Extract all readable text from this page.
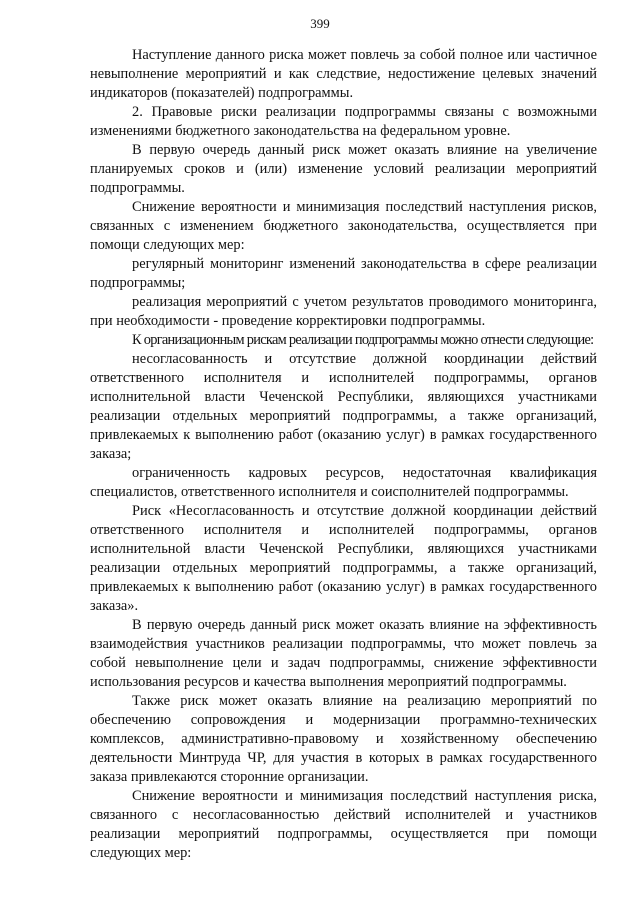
399

Наступление данного риска может повлечь за собой полное или частичное невыполнение мероприятий и как следствие, недостижение целевых значений индикаторов (показателей) подпрограммы.

2. Правовые риски реализации подпрограммы связаны с возможными изменениями бюджетного законодательства на федеральном уровне.

В первую очередь данный риск может оказать влияние на увеличение планируемых сроков и (или) изменение условий реализации мероприятий подпрограммы.

Снижение вероятности и минимизация последствий наступления рисков, связанных с изменением бюджетного законодательства, осуществляется при помощи следующих мер:

регулярный мониторинг изменений законодательства в сфере реализации подпрограммы;

реализация мероприятий с учетом результатов проводимого мониторинга, при необходимости - проведение корректировки подпрограммы.

К организационным рискам реализации подпрограммы можно отнести следующие:

несогласованность и отсутствие должной координации действий ответственного исполнителя и исполнителей подпрограммы, органов исполнительной власти Чеченской Республики, являющихся участниками реализации отдельных мероприятий подпрограммы, а также организаций, привлекаемых к выполнению работ (оказанию услуг) в рамках государственного заказа;

ограниченность кадровых ресурсов, недостаточная квалификация специалистов, ответственного исполнителя и соисполнителей подпрограммы.

Риск «Несогласованность и отсутствие должной координации действий ответственного исполнителя и исполнителей подпрограммы, органов исполнительной власти Чеченской Республики, являющихся участниками реализации отдельных мероприятий подпрограммы, а также организаций, привлекаемых к выполнению работ (оказанию услуг) в рамках государственного заказа».

В первую очередь данный риск может оказать влияние на эффективность взаимодействия участников реализации подпрограммы, что может повлечь за собой невыполнение цели и задач подпрограммы, снижение эффективности использования ресурсов и качества выполнения мероприятий подпрограммы.

Также риск может оказать влияние на реализацию мероприятий по обеспечению сопровождения и модернизации программно-технических комплексов, административно-правовому и хозяйственному обеспечению деятельности Минтруда ЧР, для участия в которых в рамках государственного заказа привлекаются сторонние организации.

Снижение вероятности и минимизация последствий наступления риска, связанного с несогласованностью действий исполнителей и участников реализации мероприятий подпрограммы, осуществляется при помощи следующих мер:
